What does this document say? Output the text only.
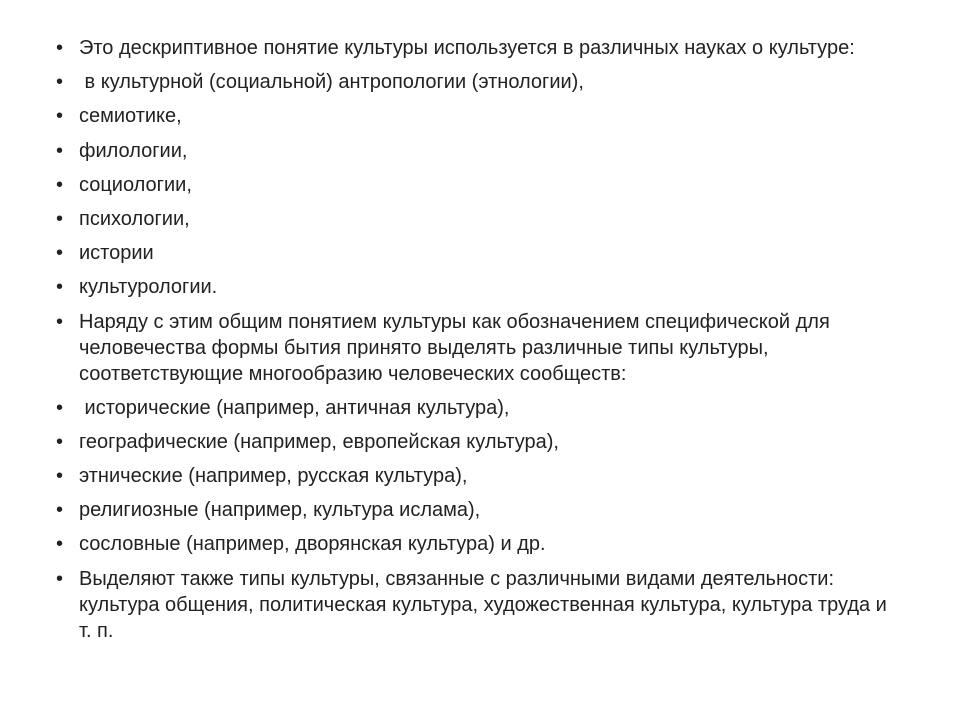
• Это дескриптивное понятие культуры используется в различных науках о культуре:
• в культурной (социальной) антропологии (этнологии),
• семиотике,
• филологии,
• социологии,
• психологии,
• истории
• культурологии.
• Наряду с этим общим понятием культуры как обозначением специфической для человечества формы бытия принято выделять различные типы культуры, соответствующие многообразию человеческих сообществ:
• исторические (например, античная культура),
• географические (например, европейская культура),
• этнические (например, русская культура),
• религиозные (например, культура ислама),
• сословные (например, дворянская культура) и др.
• Выделяют также типы культуры, связанные с различными видами деятельности: культура общения, политическая культура, художественная культура, культура труда и т. п.
